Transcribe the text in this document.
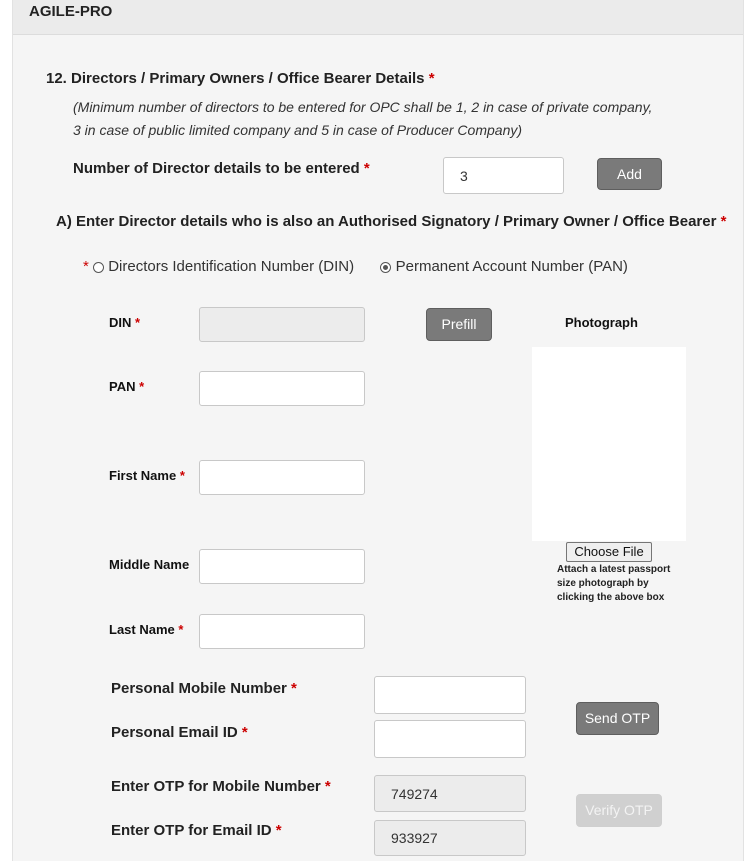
AGILE-PRO
12. Directors / Primary Owners / Office Bearer Details *
(Minimum number of directors to be entered for OPC shall be 1, 2 in case of private company,
3 in case of public limited company and 5 in case of Producer Company)
Number of Director details to be entered *
3	Add
A) Enter Director details who is also an Authorised Signatory / Primary Owner / Office Bearer *
* Directors Identification Number (DIN)	Permanent Account Number (PAN)
DIN *	Prefill
PAN *
First Name *
Middle Name
Last Name *
Photograph
Choose File
Attach a latest passport size photograph by clicking the above box
Personal Mobile Number *
Personal Email ID *
Send OTP
Enter OTP for Mobile Number *
749274
Enter OTP for Email ID *
933927
Verify OTP
